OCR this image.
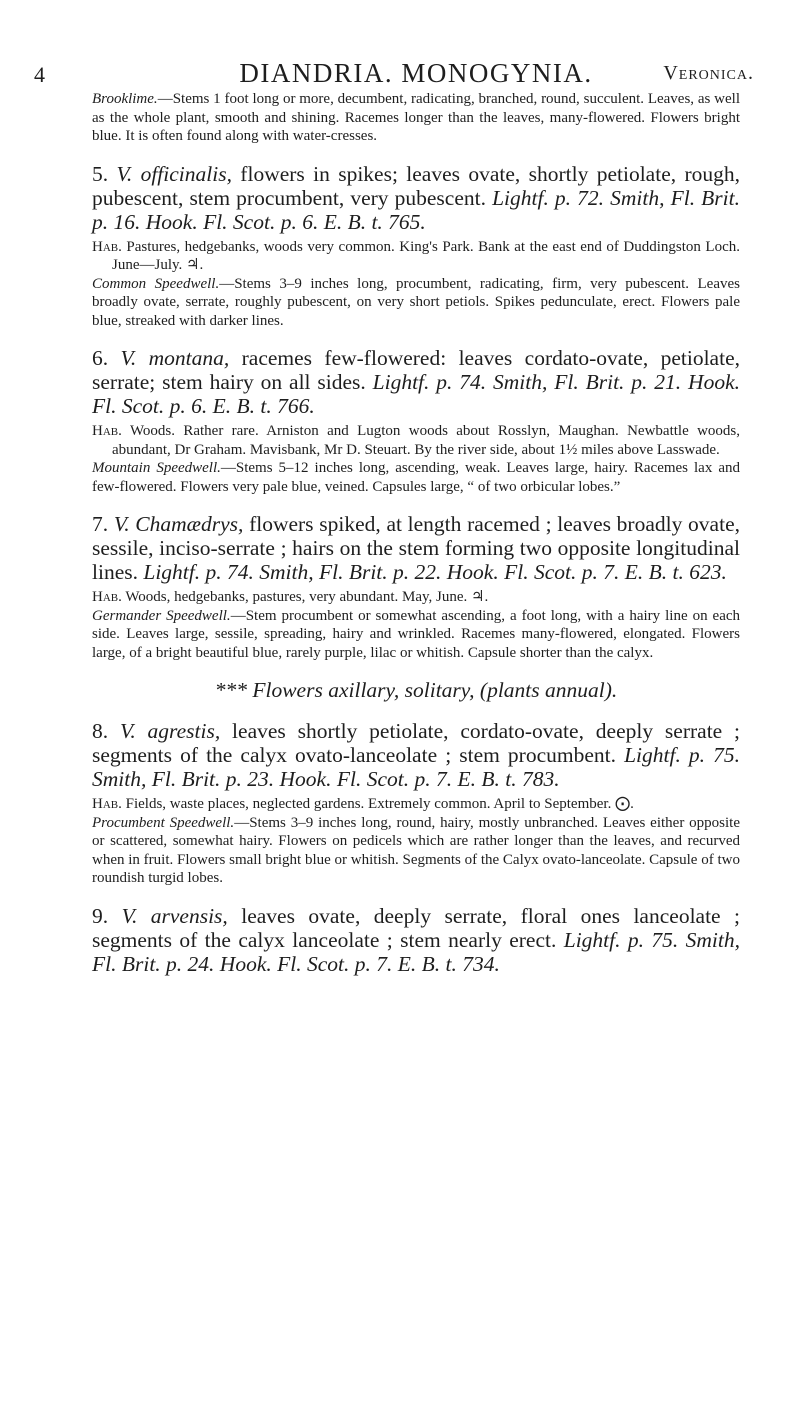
4	DIANDRIA. MONOGYNIA.	Veronica.

Brooklime.—Stems 1 foot long or more, decumbent, radicating, branched, round, succulent. Leaves, as well as the whole plant, smooth and shining. Racemes longer than the leaves, many-flowered. Flowers bright blue. It is often found along with water-cresses.

5. V. officinalis, flowers in spikes; leaves ovate, shortly petiolate, rough, pubescent, stem procumbent, very pubescent. Lightf. p. 72. Smith, Fl. Brit. p. 16. Hook. Fl. Scot. p. 6. E. B. t. 765.

Hab. Pastures, hedgebanks, woods very common. King's Park. Bank at the east end of Duddingston Loch. June—July. ♃.

Common Speedwell.—Stems 3–9 inches long, procumbent, radicating, firm, very pubescent. Leaves broadly ovate, serrate, roughly pubescent, on very short petiols. Spikes pedunculate, erect. Flowers pale blue, streaked with darker lines.

6. V. montana, racemes few-flowered: leaves cordato-ovate, petiolate, serrate; stem hairy on all sides. Lightf. p. 74. Smith, Fl. Brit. p. 21. Hook. Fl. Scot. p. 6. E. B. t. 766.

Hab. Woods. Rather rare. Arniston and Lugton woods about Rosslyn, Maughan. Newbattle woods, abundant, Dr Graham. Mavisbank, Mr D. Steuart. By the river side, about 1½ miles above Lasswade.

Mountain Speedwell.—Stems 5–12 inches long, ascending, weak. Leaves large, hairy. Racemes lax and few-flowered. Flowers very pale blue, veined. Capsules large, “ of two orbicular lobes.”

7. V. Chamædrys, flowers spiked, at length racemed ; leaves broadly ovate, sessile, inciso-serrate ; hairs on the stem forming two opposite longitudinal lines. Lightf. p. 74. Smith, Fl. Brit. p. 22. Hook. Fl. Scot. p. 7. E. B. t. 623.

Hab. Woods, hedgebanks, pastures, very abundant. May, June. ♃.

Germander Speedwell.—Stem procumbent or somewhat ascending, a foot long, with a hairy line on each side. Leaves large, sessile, spreading, hairy and wrinkled. Racemes many-flowered, elongated. Flowers large, of a bright beautiful blue, rarely purple, lilac or whitish. Capsule shorter than the calyx.

*** Flowers axillary, solitary, (plants annual).

8. V. agrestis, leaves shortly petiolate, cordato-ovate, deeply serrate ; segments of the calyx ovato-lanceolate ; stem procumbent. Lightf. p. 75. Smith, Fl. Brit. p. 23. Hook. Fl. Scot. p. 7. E. B. t. 783.

Hab. Fields, waste places, neglected gardens. Extremely common. April to September. ⨀.

Procumbent Speedwell.—Stems 3–9 inches long, round, hairy, mostly unbranched. Leaves either opposite or scattered, somewhat hairy. Flowers on pedicels which are rather longer than the leaves, and recurved when in fruit. Flowers small bright blue or whitish. Segments of the Calyx ovato-lanceolate. Capsule of two roundish turgid lobes.

9. V. arvensis, leaves ovate, deeply serrate, floral ones lanceolate ; segments of the calyx lanceolate ; stem nearly erect. Lightf. p. 75. Smith, Fl. Brit. p. 24. Hook. Fl. Scot. p. 7. E. B. t. 734.
